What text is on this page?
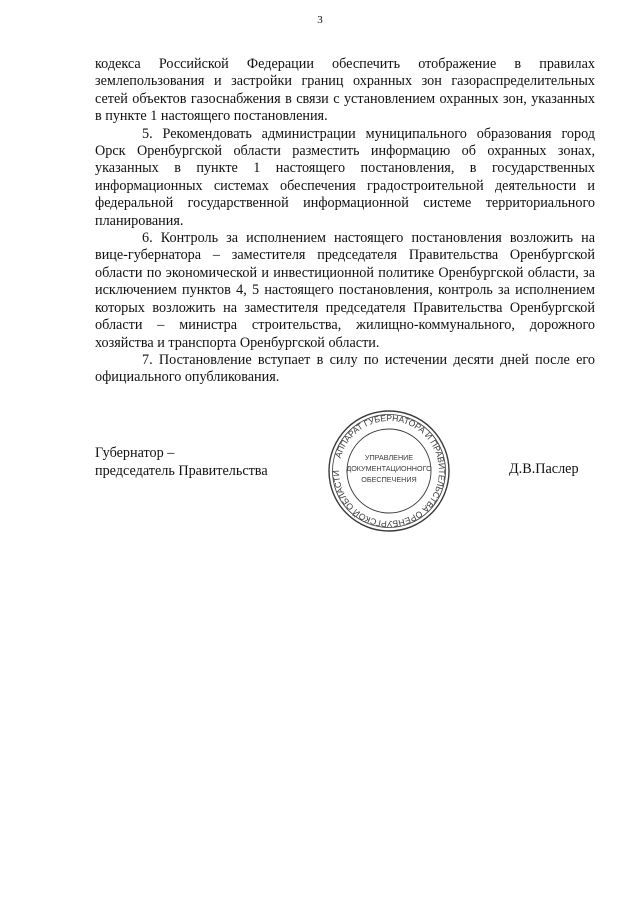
3

кодекса Российской Федерации обеспечить отображение в правилах землепользования и застройки границ охранных зон газораспределительных сетей объектов газоснабжения в связи с установлением охранных зон, указанных в пункте 1 настоящего постановления.

5. Рекомендовать администрации муниципального образования город Орск Оренбургской области разместить информацию об охранных зонах, указанных в пункте 1 настоящего постановления, в государственных информационных системах обеспечения градостроительной деятельности и федеральной государственной информационной системе территориального планирования.

6. Контроль за исполнением настоящего постановления возложить на вице-губернатора – заместителя председателя Правительства Оренбургской области по экономической и инвестиционной политике Оренбургской области, за исключением пунктов 4, 5 настоящего постановления, контроль за исполнением которых возложить на заместителя председателя Правительства Оренбургской области – министра строительства, жилищно-коммунального, дорожного хозяйства и транспорта Оренбургской области.

7. Постановление вступает в силу по истечении десяти дней после его официального опубликования.

Губернатор –
председатель Правительства
АППАРАТ ГУБЕРНАТОРА И ПРАВИТЕЛЬСТВА ОРЕНБУРГСКОЙ ОБЛАСТИ
УПРАВЛЕНИЕ
ДОКУМЕНТАЦИОННОГО
ОБЕСПЕЧЕНИЯ
Д.В.Паслер
